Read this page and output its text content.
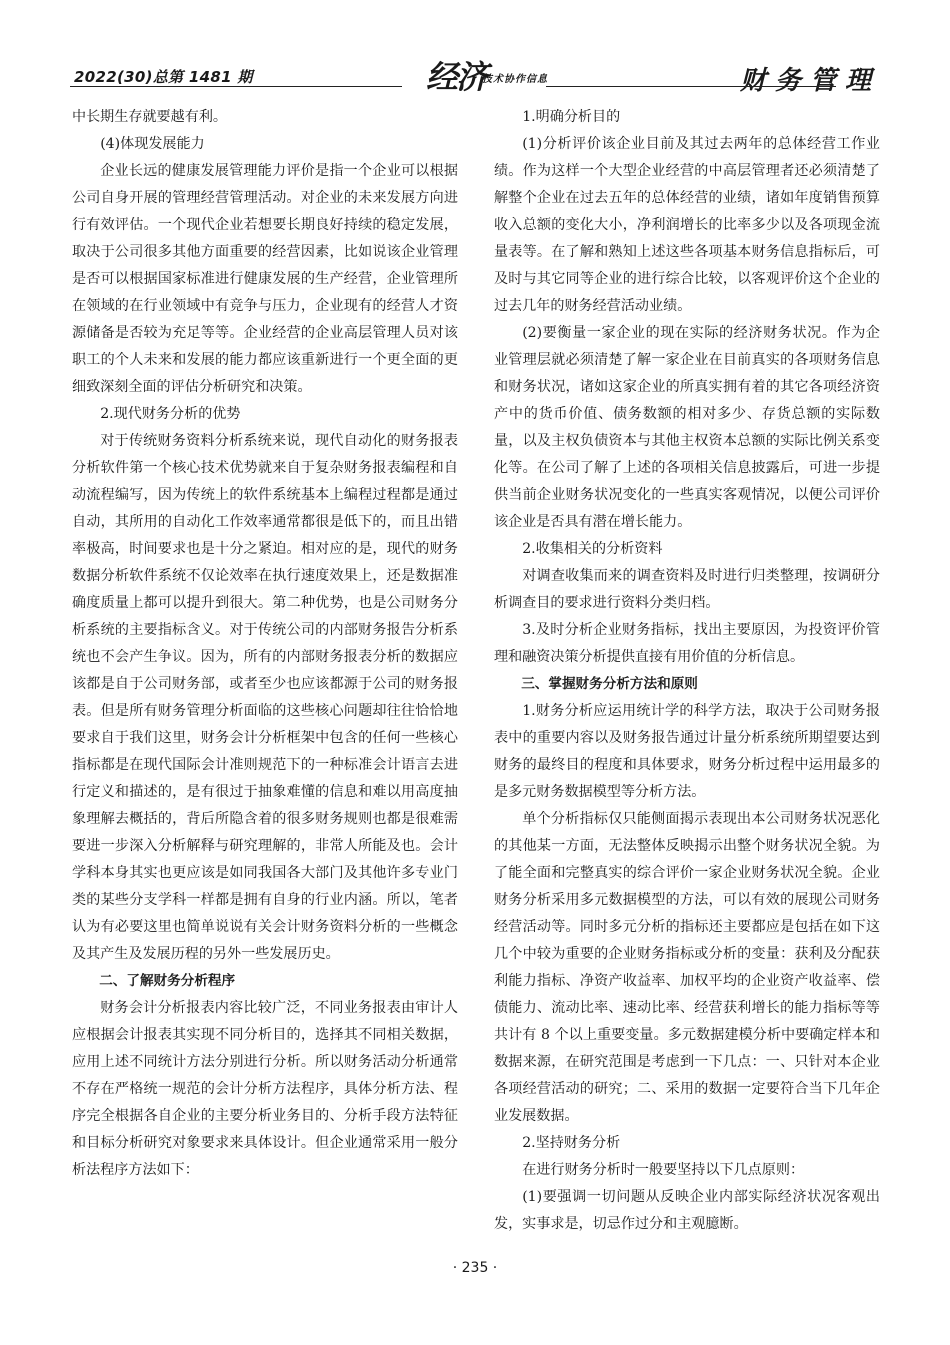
2022(30)总第 1481 期	经济
技术协作信息	财务管理

中长期生存就要越有利。

(4)体现发展能力

企业长远的健康发展管理能力评价是指一个企业可以根据公司自身开展的管理经营管理活动。对企业的未来发展方向进行有效评估。一个现代企业若想要长期良好持续的稳定发展，取决于公司很多其他方面重要的经营因素，比如说该企业管理是否可以根据国家标准进行健康发展的生产经营，企业管理所在领域的在行业领域中有竞争与压力，企业现有的经营人才资源储备是否较为充足等等。企业经营的企业高层管理人员对该职工的个人未来和发展的能力都应该重新进行一个更全面的更细致深刻全面的评估分析研究和决策。

2.现代财务分析的优势

对于传统财务资料分析系统来说，现代自动化的财务报表分析软件第一个核心技术优势就来自于复杂财务报表编程和自动流程编写，因为传统上的软件系统基本上编程过程都是通过自动，其所用的自动化工作效率通常都很是低下的，而且出错率极高，时间要求也是十分之紧迫。相对应的是，现代的财务数据分析软件系统不仅论效率在执行速度效果上，还是数据准确度质量上都可以提升到很大。第二种优势，也是公司财务分析系统的主要指标含义。对于传统公司的内部财务报告分析系统也不会产生争议。因为，所有的内部财务报表分析的数据应该都是自于公司财务部，或者至少也应该都源于公司的财务报表。但是所有财务管理分析面临的这些核心问题却往往恰恰地要求自于我们这里，财务会计分析框架中包含的任何一些核心指标都是在现代国际会计准则规范下的一种标准会计语言去进行定义和描述的，是有很过于抽象难懂的信息和难以用高度抽象理解去概括的，背后所隐含着的很多财务规则也都是很难需要进一步深入分析解释与研究理解的，非常人所能及也。会计学科本身其实也更应该是如同我国各大部门及其他许多专业门类的某些分支学科一样都是拥有自身的行业内涵。所以，笔者认为有必要这里也简单说说有关会计财务资料分析的一些概念及其产生及发展历程的另外一些发展历史。

二、了解财务分析程序

财务会计分析报表内容比较广泛，不同业务报表由审计人应根据会计报表其实现不同分析目的，选择其不同相关数据，应用上述不同统计方法分别进行分析。所以财务活动分析通常不存在严格统一规范的会计分析方法程序，具体分析方法、程序完全根据各自企业的主要分析业务目的、分析手段方法特征和目标分析研究对象要求来具体设计。但企业通常采用一般分析法程序方法如下：

1.明确分析目的

(1)分析评价该企业目前及其过去两年的总体经营工作业绩。作为这样一个大型企业经营的中高层管理者还必须清楚了解整个企业在过去五年的总体经营的业绩，诸如年度销售预算收入总额的变化大小，净利润增长的比率多少以及各项现金流量表等。在了解和熟知上述这些各项基本财务信息指标后，可及时与其它同等企业的进行综合比较，以客观评价这个企业的过去几年的财务经营活动业绩。

(2)要衡量一家企业的现在实际的经济财务状况。作为企业管理层就必须清楚了解一家企业在目前真实的各项财务信息和财务状况，诸如这家企业的所真实拥有着的其它各项经济资产中的货币价值、债务数额的相对多少、存货总额的实际数量，以及主权负债资本与其他主权资本总额的实际比例关系变化等。在公司了解了上述的各项相关信息披露后，可进一步提供当前企业财务状况变化的一些真实客观情况，以便公司评价该企业是否具有潜在增长能力。

2.收集相关的分析资料

对调查收集而来的调查资料及时进行归类整理，按调研分析调查目的要求进行资料分类归档。

3.及时分析企业财务指标，找出主要原因，为投资评价管理和融资决策分析提供直接有用价值的分析信息。

三、掌握财务分析方法和原则

1.财务分析应运用统计学的科学方法，取决于公司财务报表中的重要内容以及财务报告通过计量分析系统所期望要达到财务的最终目的程度和具体要求，财务分析过程中运用最多的是多元财务数据模型等分析方法。

单个分析指标仅只能侧面揭示表现出本公司财务状况恶化的其他某一方面，无法整体反映揭示出整个财务状况全貌。为了能全面和完整真实的综合评价一家企业财务状况全貌。企业财务分析采用多元数据模型的方法，可以有效的展现公司财务经营活动等。同时多元分析的指标还主要都应是包括在如下这几个中较为重要的企业财务指标或分析的变量：获利及分配获利能力指标、净资产收益率、加权平均的企业资产收益率、偿债能力、流动比率、速动比率、经营获利增长的能力指标等等共计有 8 个以上重要变量。多元数据建模分析中要确定样本和数据来源，在研究范围是考虑到一下几点：一、只针对本企业各项经营活动的研究；二、采用的数据一定要符合当下几年企业发展数据。

2.坚持财务分析

在进行财务分析时一般要坚持以下几点原则：

(1)要强调一切问题从反映企业内部实际经济状况客观出发，实事求是，切忌作过分和主观臆断。

· 235 ·
